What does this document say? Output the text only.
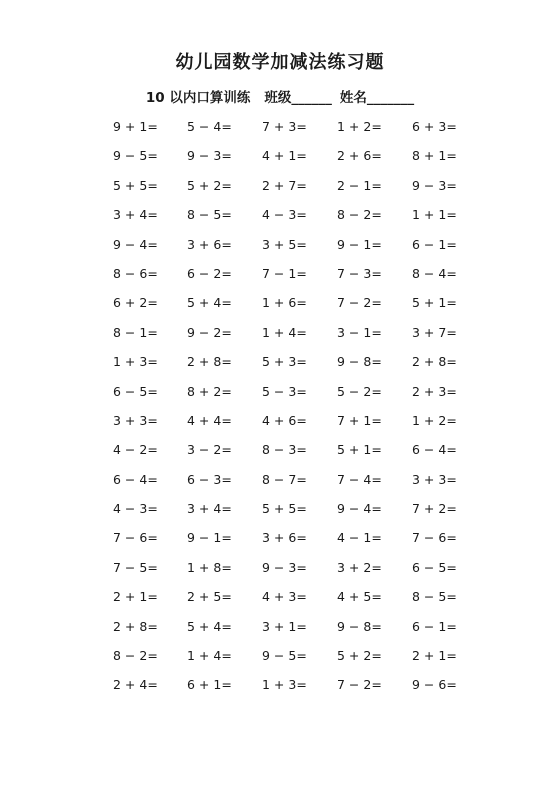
幼儿园数学加减法练习题
10 以内口算训练 班级______ 姓名_______
9 + 1= 5 − 4= 7 + 3= 1 + 2= 6 + 3=
9 − 5= 9 − 3= 4 + 1= 2 + 6= 8 + 1=
5 + 5= 5 + 2= 2 + 7= 2 − 1= 9 − 3=
3 + 4= 8 − 5= 4 − 3= 8 − 2= 1 + 1=
9 − 4= 3 + 6= 3 + 5= 9 − 1= 6 − 1=
8 − 6= 6 − 2= 7 − 1= 7 − 3= 8 − 4=
6 + 2= 5 + 4= 1 + 6= 7 − 2= 5 + 1=
8 − 1= 9 − 2= 1 + 4= 3 − 1= 3 + 7=
1 + 3= 2 + 8= 5 + 3= 9 − 8= 2 + 8=
6 − 5= 8 + 2= 5 − 3= 5 − 2= 2 + 3=
3 + 3= 4 + 4= 4 + 6= 7 + 1= 1 + 2=
4 − 2= 3 − 2= 8 − 3= 5 + 1= 6 − 4=
6 − 4= 6 − 3= 8 − 7= 7 − 4= 3 + 3=
4 − 3= 3 + 4= 5 + 5= 9 − 4= 7 + 2=
7 − 6= 9 − 1= 3 + 6= 4 − 1= 7 − 6=
7 − 5= 1 + 8= 9 − 3= 3 + 2= 6 − 5=
2 + 1= 2 + 5= 4 + 3= 4 + 5= 8 − 5=
2 + 8= 5 + 4= 3 + 1= 9 − 8= 6 − 1=
8 − 2= 1 + 4= 9 − 5= 5 + 2= 2 + 1=
2 + 4= 6 + 1= 1 + 3= 7 − 2= 9 − 6=
